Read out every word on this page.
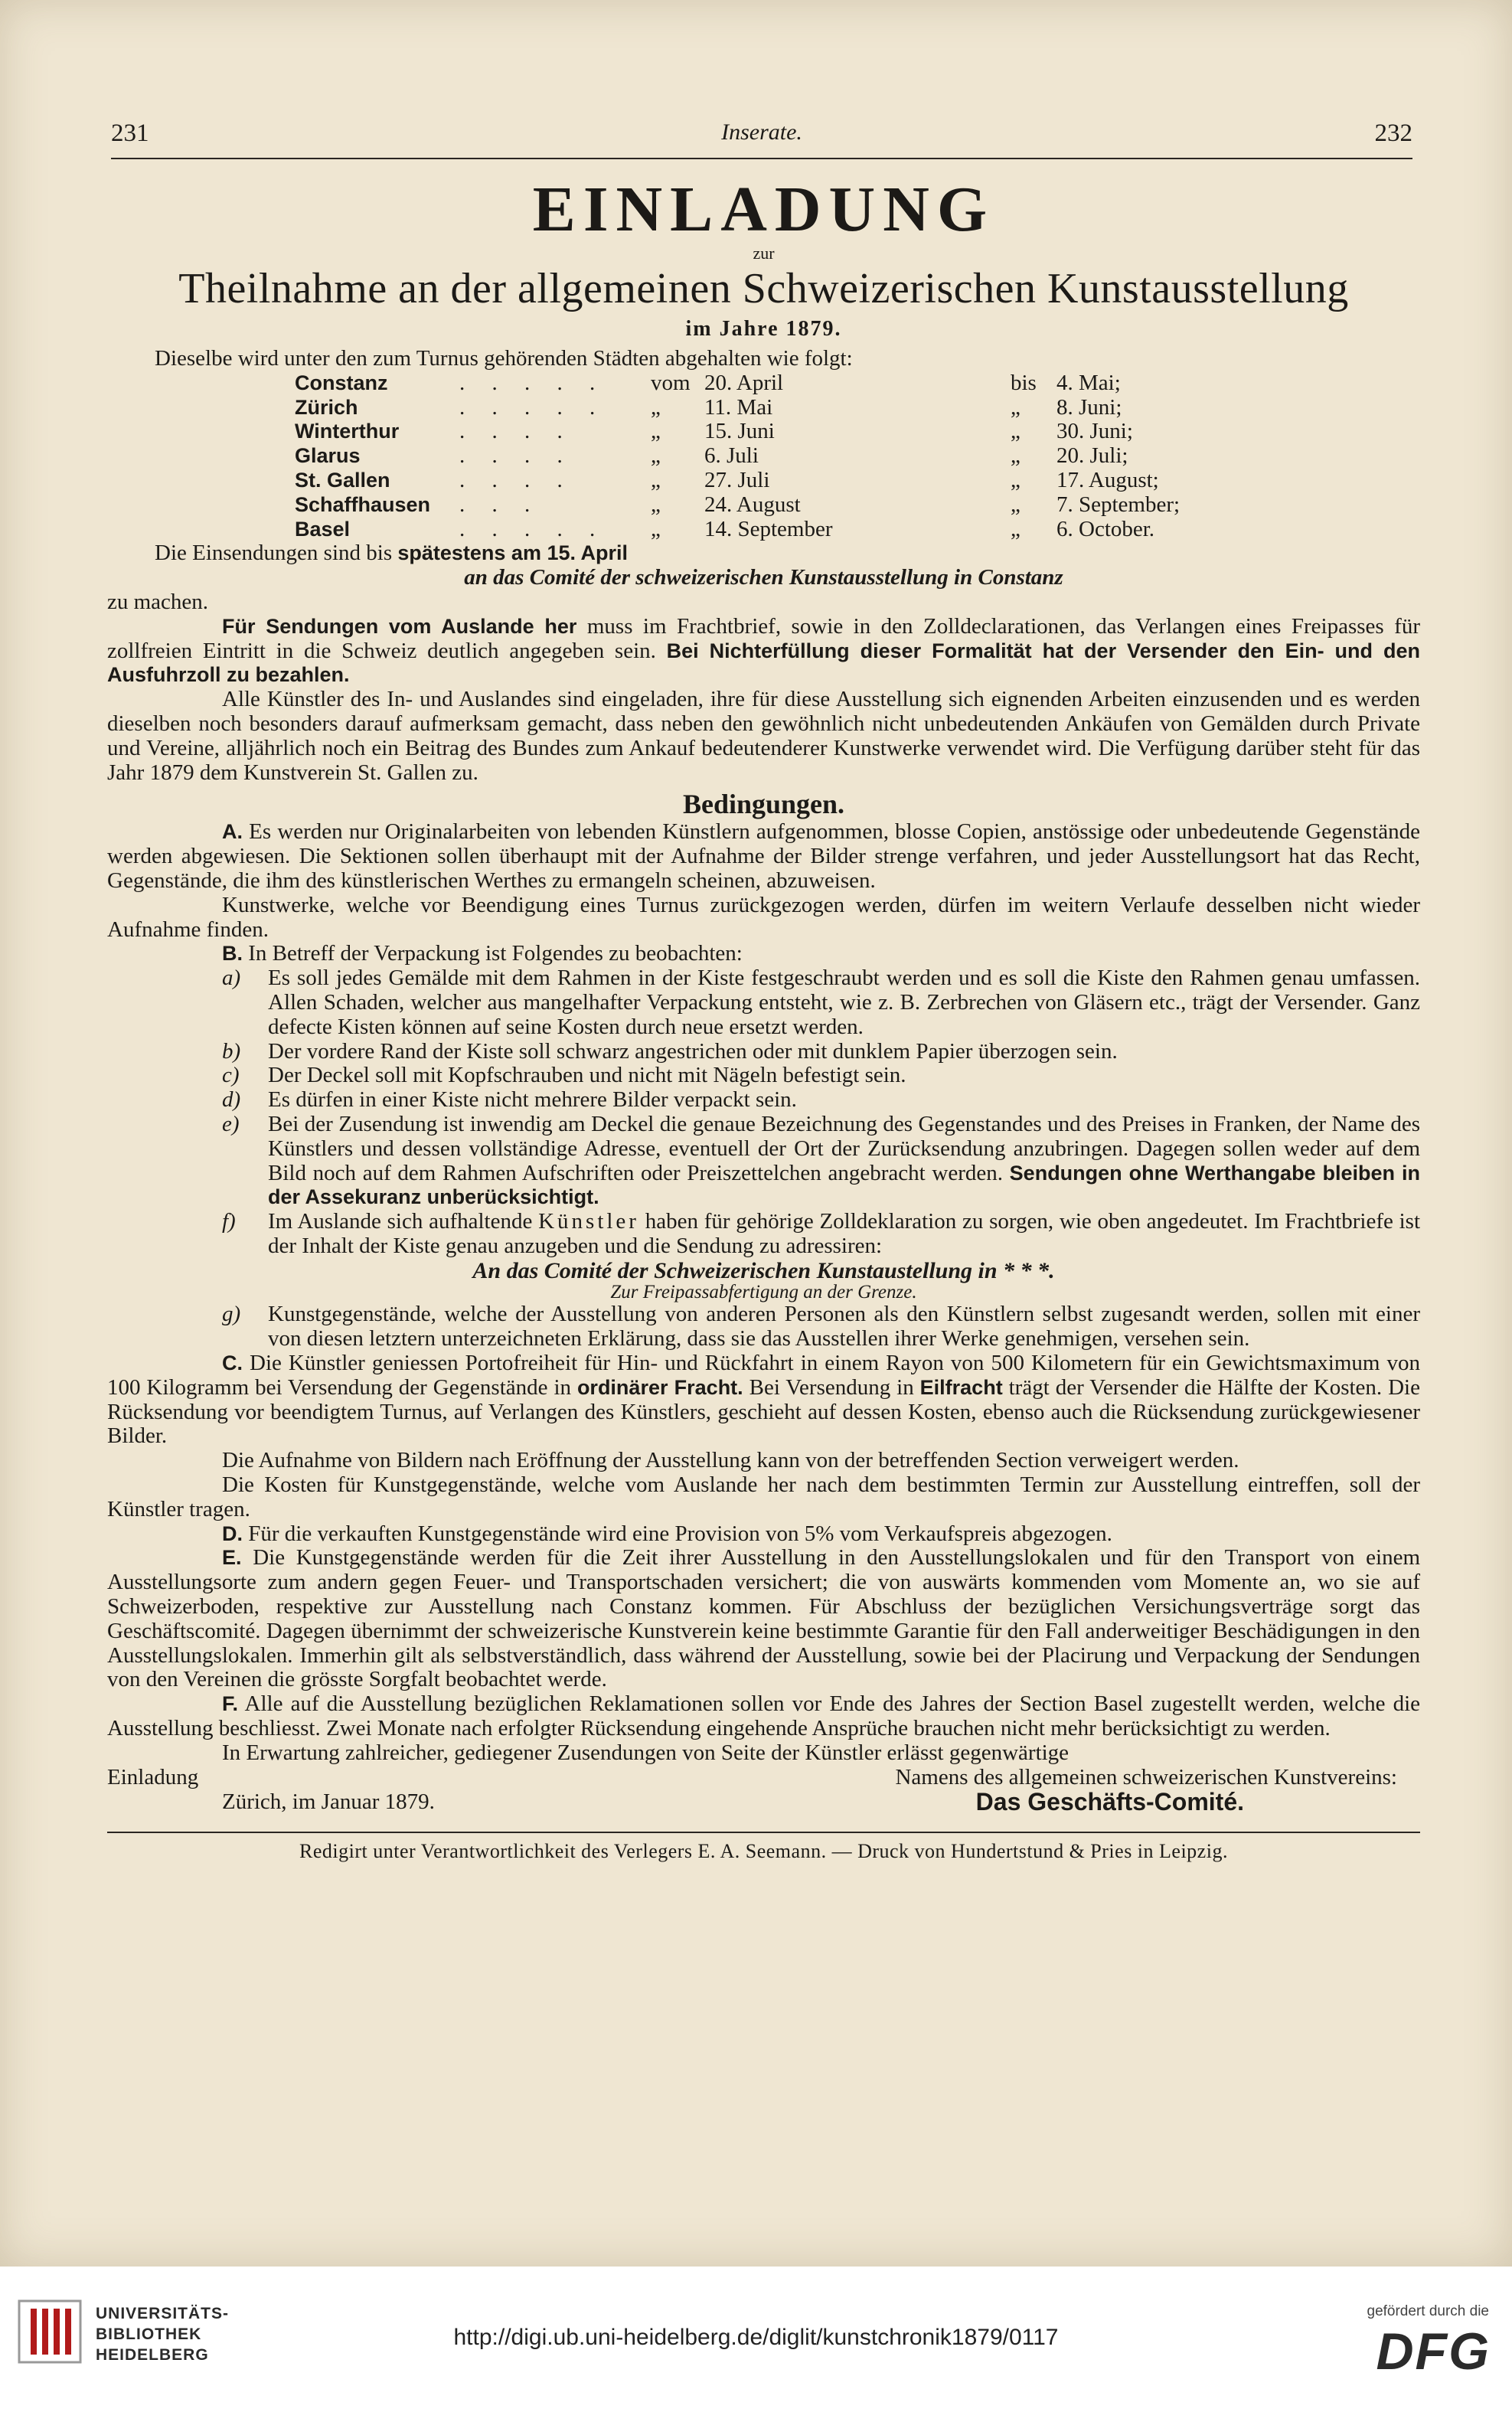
231	Inserate.	232
EINLADUNG
zur
Theilnahme an der allgemeinen Schweizerischen Kunstausstellung
im Jahre 1879.
Dieselbe wird unter den zum Turnus gehörenden Städten abgehalten wie folgt:
Constanz	. . . . .	vom	20. April	bis	4. Mai;
Zürich	. . . . .	„	11. Mai	„	8. Juni;
Winterthur	. . . .	„	15. Juni	„	30. Juni;
Glarus	. . . .	„	6. Juli	„	20. Juli;
St. Gallen	. . . .	„	27. Juli	„	17. August;
Schaffhausen	. . .	„	24. August	„	7. September;
Basel	. . . . .	„	14. September	„	6. October.
Die Einsendungen sind bis spätestens am 15. April
an das Comité der schweizerischen Kunstausstellung in Constanz
zu machen.
Für Sendungen vom Auslande her muss im Frachtbrief, sowie in den Zolldeclarationen, das Verlangen eines Freipasses für zollfreien Eintritt in die Schweiz deutlich angegeben sein. Bei Nichterfüllung dieser Formalität hat der Versender den Ein- und den Ausfuhrzoll zu bezahlen.
Alle Künstler des In- und Auslandes sind eingeladen, ihre für diese Ausstellung sich eignenden Arbeiten einzusenden und es werden dieselben noch besonders darauf aufmerksam gemacht, dass neben den gewöhnlich nicht unbedeutenden Ankäufen von Gemälden durch Private und Vereine, alljährlich noch ein Beitrag des Bundes zum Ankauf bedeutenderer Kunstwerke verwendet wird. Die Verfügung darüber steht für das Jahr 1879 dem Kunstverein St. Gallen zu.
Bedingungen.
A. Es werden nur Originalarbeiten von lebenden Künstlern aufgenommen, blosse Copien, anstössige oder unbedeutende Gegenstände werden abgewiesen. Die Sektionen sollen überhaupt mit der Aufnahme der Bilder strenge verfahren, und jeder Ausstellungsort hat das Recht, Gegenstände, die ihm des künstlerischen Werthes zu ermangeln scheinen, abzuweisen.
Kunstwerke, welche vor Beendigung eines Turnus zurückgezogen werden, dürfen im weitern Verlaufe desselben nicht wieder Aufnahme finden.
B. In Betreff der Verpackung ist Folgendes zu beobachten:
a) Es soll jedes Gemälde mit dem Rahmen in der Kiste festgeschraubt werden und es soll die Kiste den Rahmen genau umfassen. Allen Schaden, welcher aus mangelhafter Verpackung entsteht, wie z. B. Zerbrechen von Gläsern etc., trägt der Versender. Ganz defecte Kisten können auf seine Kosten durch neue ersetzt werden.
b) Der vordere Rand der Kiste soll schwarz angestrichen oder mit dunklem Papier überzogen sein.
c) Der Deckel soll mit Kopfschrauben und nicht mit Nägeln befestigt sein.
d) Es dürfen in einer Kiste nicht mehrere Bilder verpackt sein.
e) Bei der Zusendung ist inwendig am Deckel die genaue Bezeichnung des Gegenstandes und des Preises in Franken, der Name des Künstlers und dessen vollständige Adresse, eventuell der Ort der Zurücksendung anzubringen. Dagegen sollen weder auf dem Bild noch auf dem Rahmen Aufschriften oder Preiszettelchen angebracht werden. Sendungen ohne Werthangabe bleiben in der Assekuranz unberücksichtigt.
f) Im Auslande sich aufhaltende Künstler haben für gehörige Zolldeklaration zu sorgen, wie oben angedeutet. Im Frachtbriefe ist der Inhalt der Kiste genau anzugeben und die Sendung zu adressiren:
An das Comité der Schweizerischen Kunstaustellung in * * *.
Zur Freipassabfertigung an der Grenze.
g) Kunstgegenstände, welche der Ausstellung von anderen Personen als den Künstlern selbst zugesandt werden, sollen mit einer von diesen letztern unterzeichneten Erklärung, dass sie das Ausstellen ihrer Werke genehmigen, versehen sein.
C. Die Künstler geniessen Portofreiheit für Hin- und Rückfahrt in einem Rayon von 500 Kilometern für ein Gewichtsmaximum von 100 Kilogramm bei Versendung der Gegenstände in ordinärer Fracht. Bei Versendung in Eilfracht trägt der Versender die Hälfte der Kosten. Die Rücksendung vor beendigtem Turnus, auf Verlangen des Künstlers, geschieht auf dessen Kosten, ebenso auch die Rücksendung zurückgewiesener Bilder.
Die Aufnahme von Bildern nach Eröffnung der Ausstellung kann von der betreffenden Section verweigert werden.
Die Kosten für Kunstgegenstände, welche vom Auslande her nach dem bestimmten Termin zur Ausstellung eintreffen, soll der Künstler tragen.
D. Für die verkauften Kunstgegenstände wird eine Provision von 5% vom Verkaufspreis abgezogen.
E. Die Kunstgegenstände werden für die Zeit ihrer Ausstellung in den Ausstellungslokalen und für den Transport von einem Ausstellungsorte zum andern gegen Feuer- und Transportschaden versichert; die von auswärts kommenden vom Momente an, wo sie auf Schweizerboden, respektive zur Ausstellung nach Constanz kommen. Für Abschluss der bezüglichen Versichungsverträge sorgt das Geschäftscomité. Dagegen übernimmt der schweizerische Kunstverein keine bestimmte Garantie für den Fall anderweitiger Beschädigungen in den Ausstellungslokalen. Immerhin gilt als selbstverständlich, dass während der Ausstellung, sowie bei der Placirung und Verpackung der Sendungen von den Vereinen die grösste Sorgfalt beobachtet werde.
F. Alle auf die Ausstellung bezüglichen Reklamationen sollen vor Ende des Jahres der Section Basel zugestellt werden, welche die Ausstellung beschliesst. Zwei Monate nach erfolgter Rücksendung eingehende Ansprüche brauchen nicht mehr berücksichtigt zu werden.
In Erwartung zahlreicher, gediegener Zusendungen von Seite der Künstler erlässt gegenwärtige
Einladung	Namens des allgemeinen schweizerischen Kunstvereins:
Zürich, im Januar 1879.	Das Geschäfts-Comité.
Redigirt unter Verantwortlichkeit des Verlegers E. A. Seemann. — Druck von Hundertstund & Pries in Leipzig.
UNIVERSITÄTS-
BIBLIOTHEK
HEIDELBERG
http://digi.ub.uni-heidelberg.de/diglit/kunstchronik1879/0117
gefördert durch die
DFG
